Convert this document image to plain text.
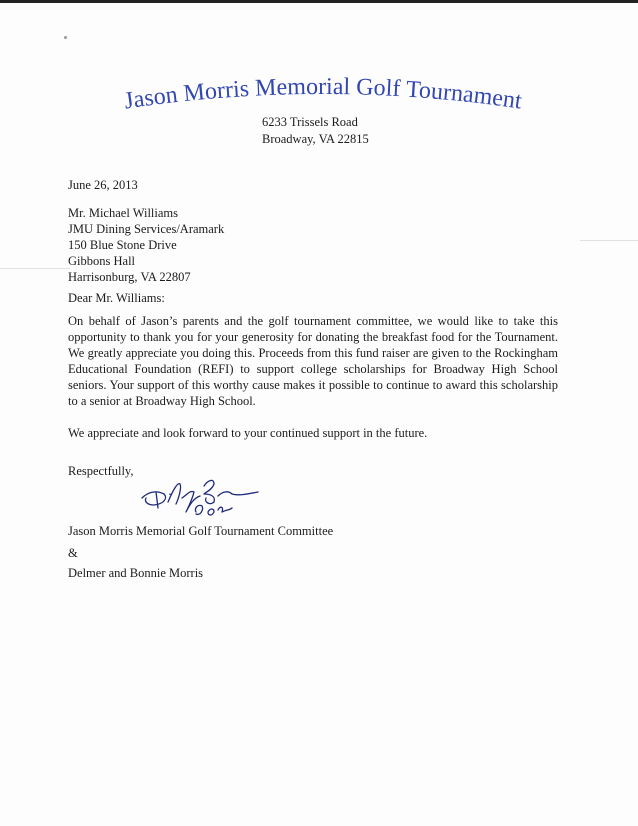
Jason Morris Memorial Golf Tournament
6233 Trissels Road
Broadway, VA 22815
June 26, 2013
Mr. Michael Williams
JMU Dining Services/Aramark
150 Blue Stone Drive
Gibbons Hall
Harrisonburg, VA 22807
Dear Mr. Williams:

On behalf of Jason’s parents and the golf tournament committee, we would like to take this opportunity to thank you for your generosity for donating the breakfast food for the Tournament. We greatly appreciate you doing this. Proceeds from this fund raiser are given to the Rockingham Educational Foundation (REFI) to support college scholarships for Broadway High School seniors. Your support of this worthy cause makes it possible to continue to award this scholarship to a senior at Broadway High School.

We appreciate and look forward to your continued support in the future.

Respectfully,
Jason Morris Memorial Golf Tournament Committee
&
Delmer and Bonnie Morris
